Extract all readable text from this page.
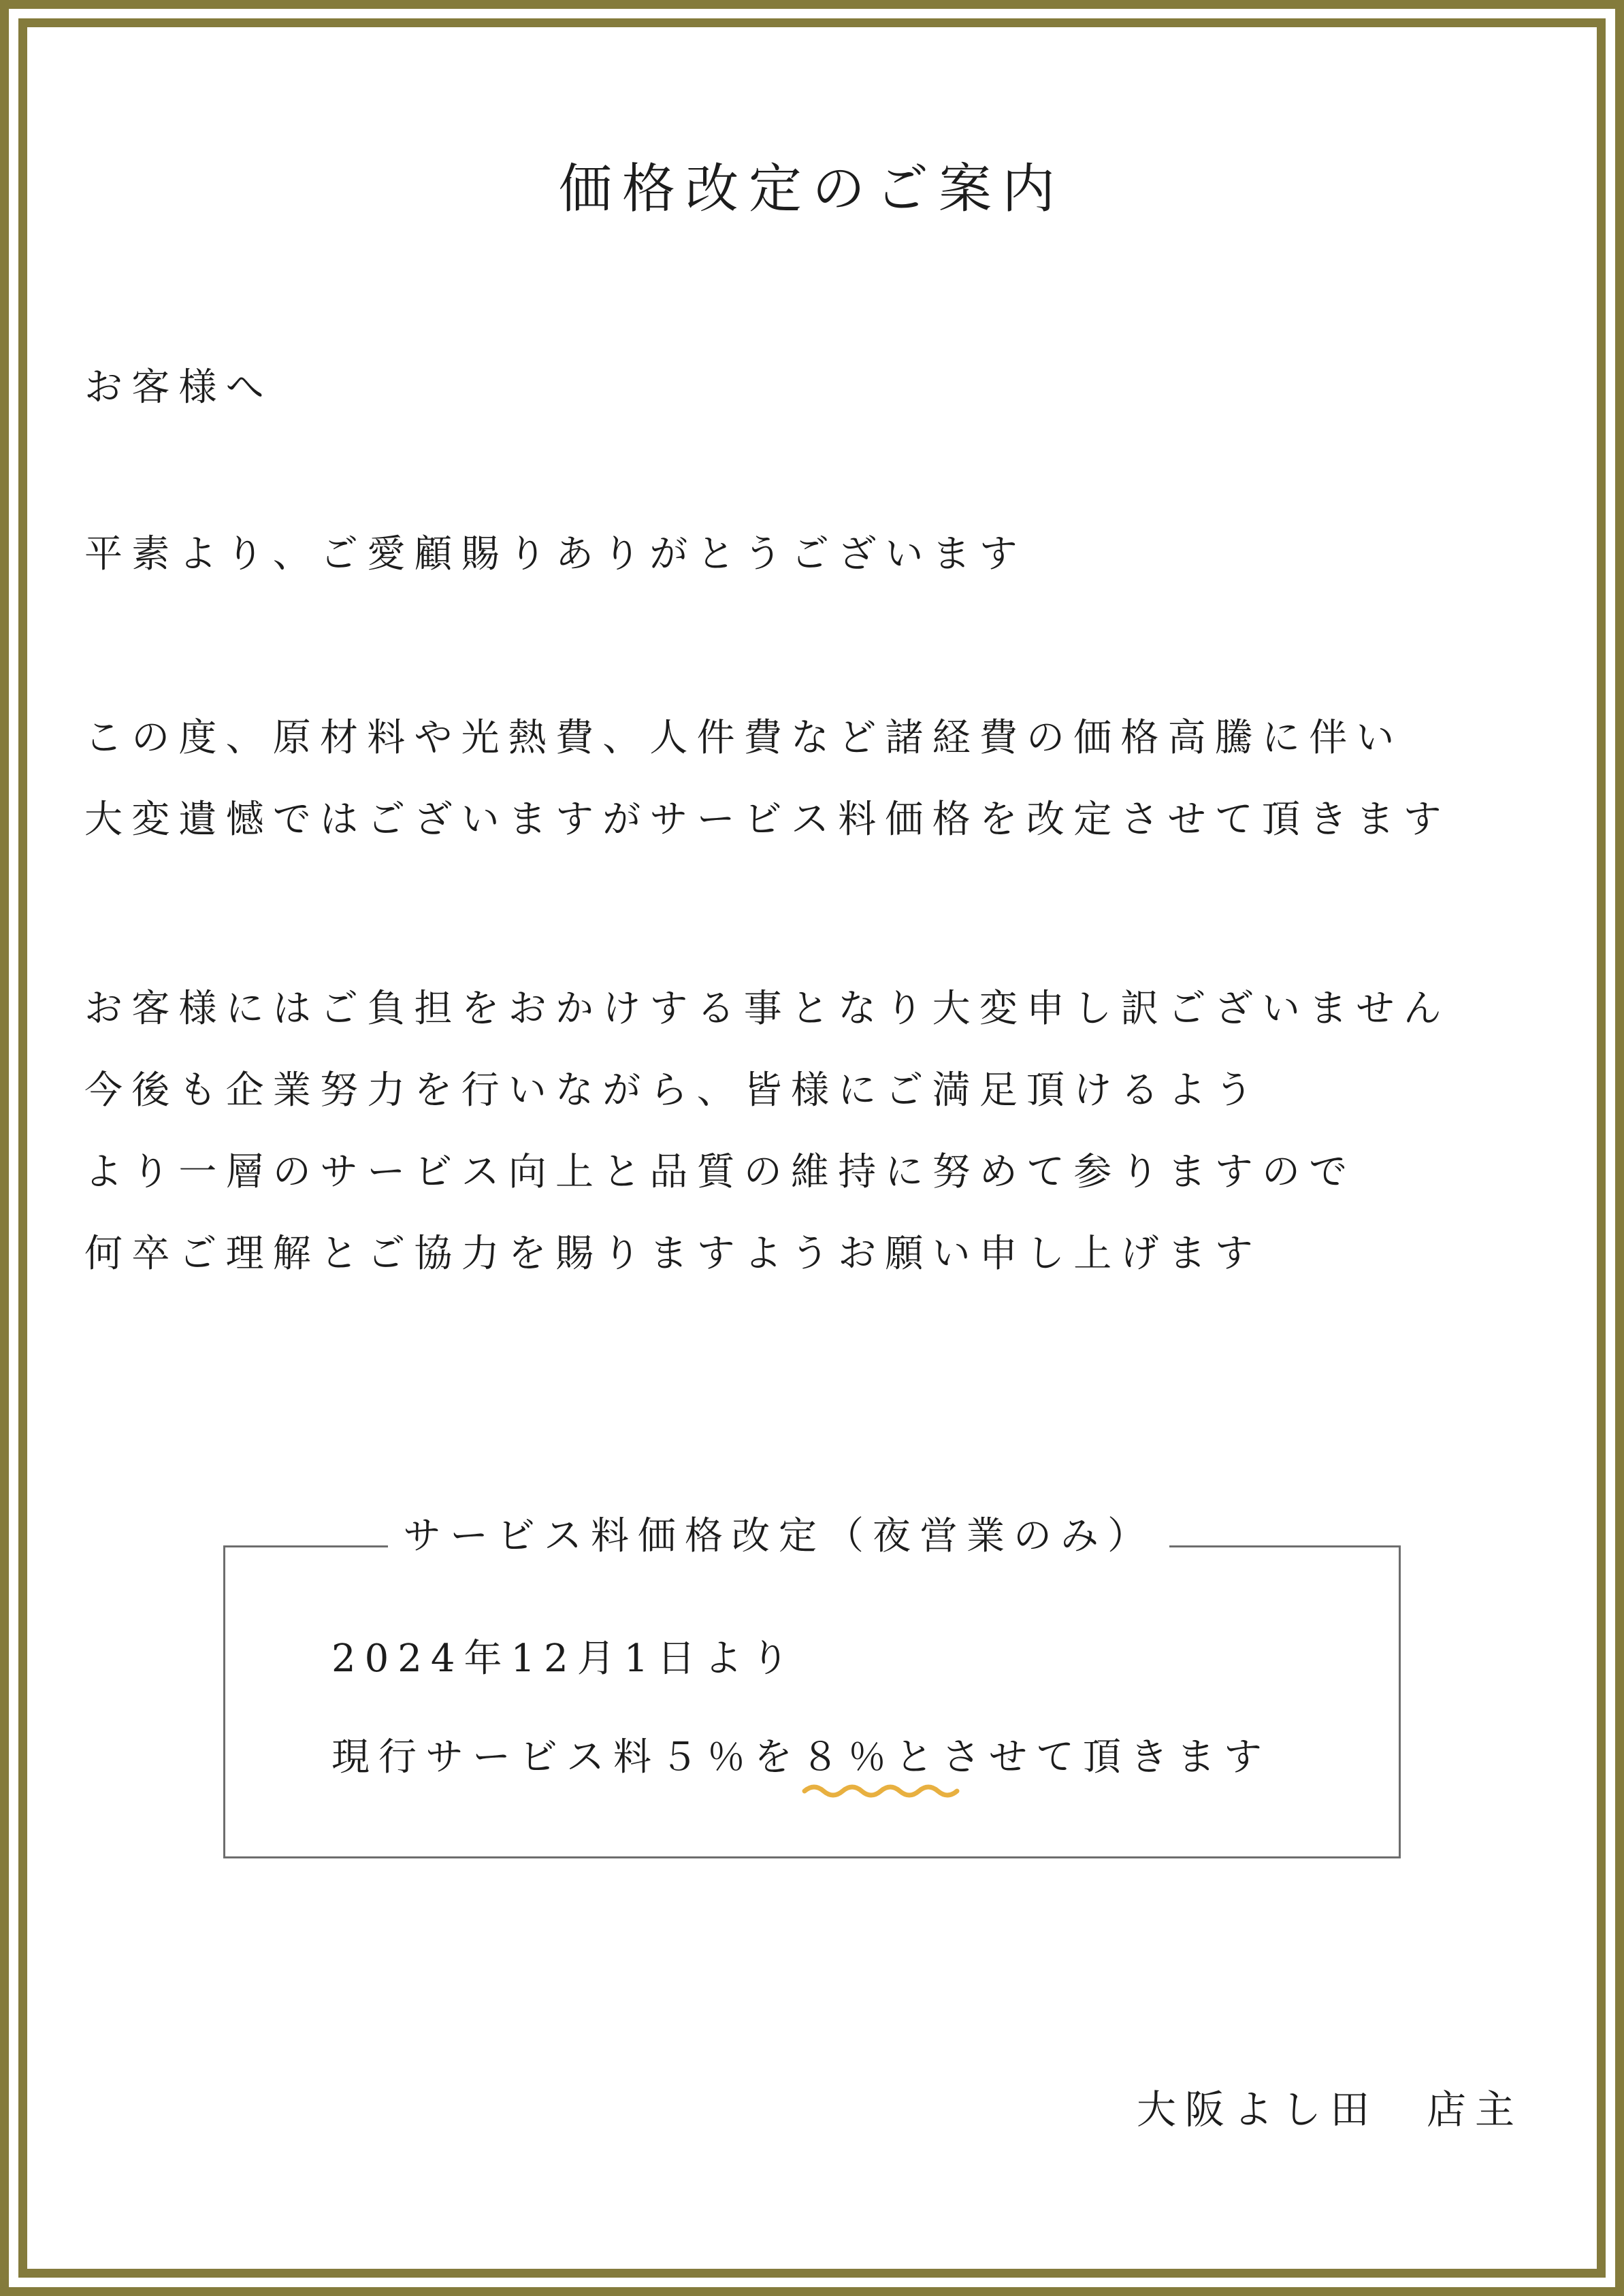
価格改定のご案内
お客様へ
平素より、ご愛顧賜りありがとうございます
この度、原材料や光熱費、人件費など諸経費の価格高騰に伴い
大変遺憾ではございますがサービス料価格を改定させて頂きます
お客様にはご負担をおかけする事となり大変申し訳ございません
今後も企業努力を行いながら、皆様にご満足頂けるよう
より一層のサービス向上と品質の維持に努めて参りますので
何卒ご理解とご協力を賜りますようお願い申し上げます
サービス料価格改定（夜営業のみ）
2024年12月1日より
現行サービス料５％を８％とさせて頂きます
大阪よし田　店主
